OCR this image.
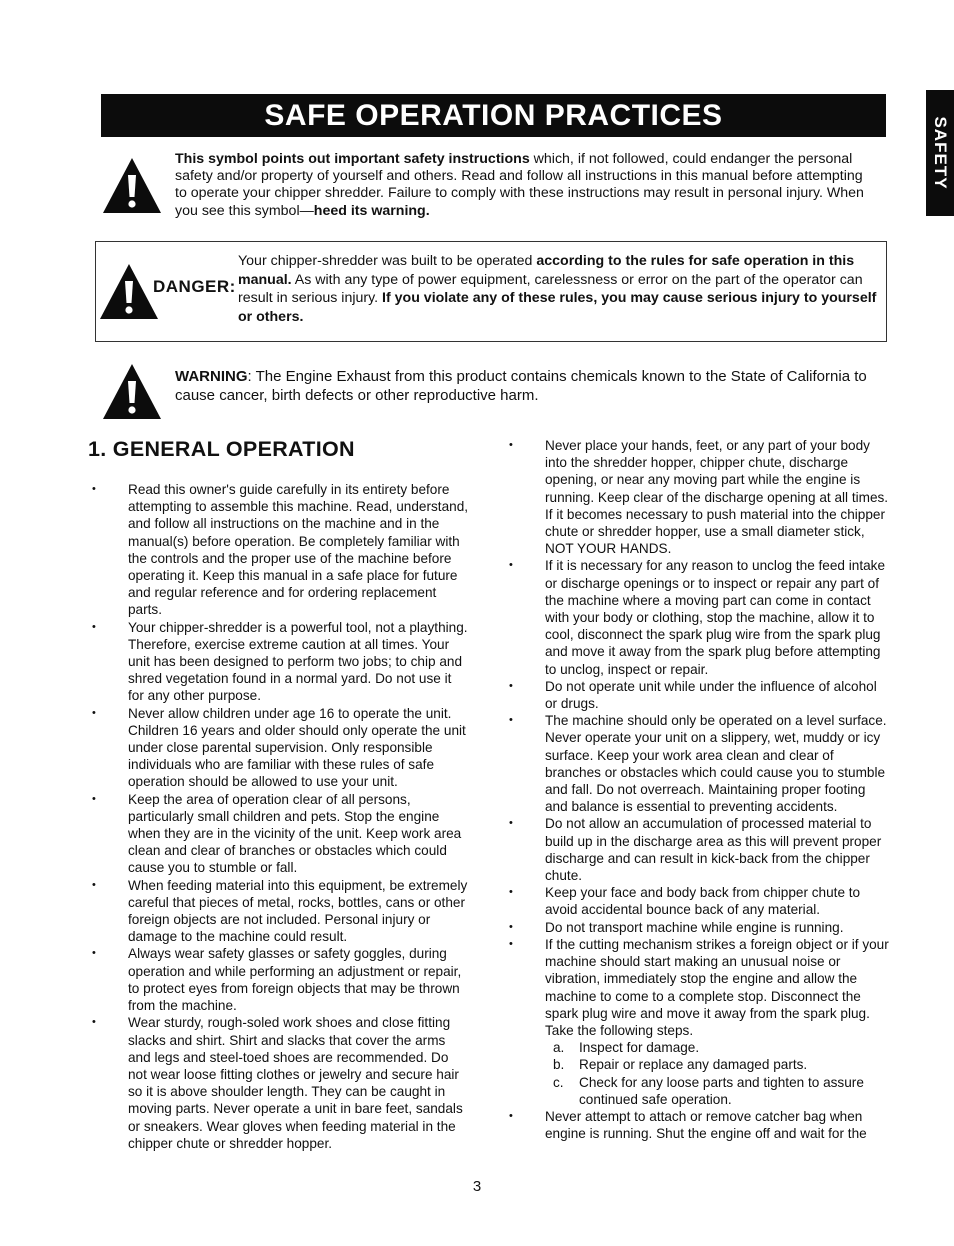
SAFE OPERATION PRACTICES
SAFETY
This symbol points out important safety instructions which, if not followed, could endanger the personal safety and/or property of yourself and others. Read and follow all instructions in this manual before attempting to operate your chipper shredder. Failure to comply with these instructions may result in personal injury. When you see this symbol—heed its warning.
DANGER:
Your chipper-shredder was built to be operated according to the rules for safe operation in this manual. As with any type of power equipment, carelessness or error on the part of the operator can result in serious injury. If you violate any of these rules, you may cause serious injury to yourself or others.
WARNING: The Engine Exhaust from this product contains chemicals known to the State of California to cause cancer, birth defects or other reproductive harm.
1. GENERAL OPERATION
• Read this owner's guide carefully in its entirety before attempting to assemble this machine. Read, understand, and follow all instructions on the machine and in the manual(s) before operation. Be completely familiar with the controls and the proper use of the machine before operating it. Keep this manual in a safe place for future and regular reference and for ordering replacement parts.
• Your chipper-shredder is a powerful tool, not a plaything. Therefore, exercise extreme caution at all times. Your unit has been designed to perform two jobs; to chip and shred vegetation found in a normal yard. Do not use it for any other purpose.
• Never allow children under age 16 to operate the unit. Children 16 years and older should only operate the unit under close parental supervision. Only responsible individuals who are familiar with these rules of safe operation should be allowed to use your unit.
• Keep the area of operation clear of all persons, particularly small children and pets. Stop the engine when they are in the vicinity of the unit. Keep work area clean and clear of branches or obstacles which could cause you to stumble or fall.
• When feeding material into this equipment, be extremely careful that pieces of metal, rocks, bottles, cans or other foreign objects are not included. Personal injury or damage to the machine could result.
• Always wear safety glasses or safety goggles, during operation and while performing an adjustment or repair, to protect eyes from foreign objects that may be thrown from the machine.
• Wear sturdy, rough-soled work shoes and close fitting slacks and shirt. Shirt and slacks that cover the arms and legs and steel-toed shoes are recommended. Do not wear loose fitting clothes or jewelry and secure hair so it is above shoulder length. They can be caught in moving parts. Never operate a unit in bare feet, sandals or sneakers. Wear gloves when feeding material in the chipper chute or shredder hopper.
• Never place your hands, feet, or any part of your body into the shredder hopper, chipper chute, discharge opening, or near any moving part while the engine is running. Keep clear of the discharge opening at all times. If it becomes necessary to push material into the chipper chute or shredder hopper, use a small diameter stick, NOT YOUR HANDS.
• If it is necessary for any reason to unclog the feed intake or discharge openings or to inspect or repair any part of the machine where a moving part can come in contact with your body or clothing, stop the machine, allow it to cool, disconnect the spark plug wire from the spark plug and move it away from the spark plug before attempting to unclog, inspect or repair.
• Do not operate unit while under the influence of alcohol or drugs.
• The machine should only be operated on a level surface. Never operate your unit on a slippery, wet, muddy or icy surface. Keep your work area clean and clear of branches or obstacles which could cause you to stumble and fall. Do not overreach. Maintaining proper footing and balance is essential to preventing accidents.
• Do not allow an accumulation of processed material to build up in the discharge area as this will prevent proper discharge and can result in kick-back from the chipper chute.
• Keep your face and body back from chipper chute to avoid accidental bounce back of any material.
• Do not transport machine while engine is running.
• If the cutting mechanism strikes a foreign object or if your machine should start making an unusual noise or vibration, immediately stop the engine and allow the machine to come to a complete stop. Disconnect the spark plug wire and move it away from the spark plug. Take the following steps.
a. Inspect for damage.
b. Repair or replace any damaged parts.
c. Check for any loose parts and tighten to assure continued safe operation.
• Never attempt to attach or remove catcher bag when engine is running. Shut the engine off and wait for the
3
